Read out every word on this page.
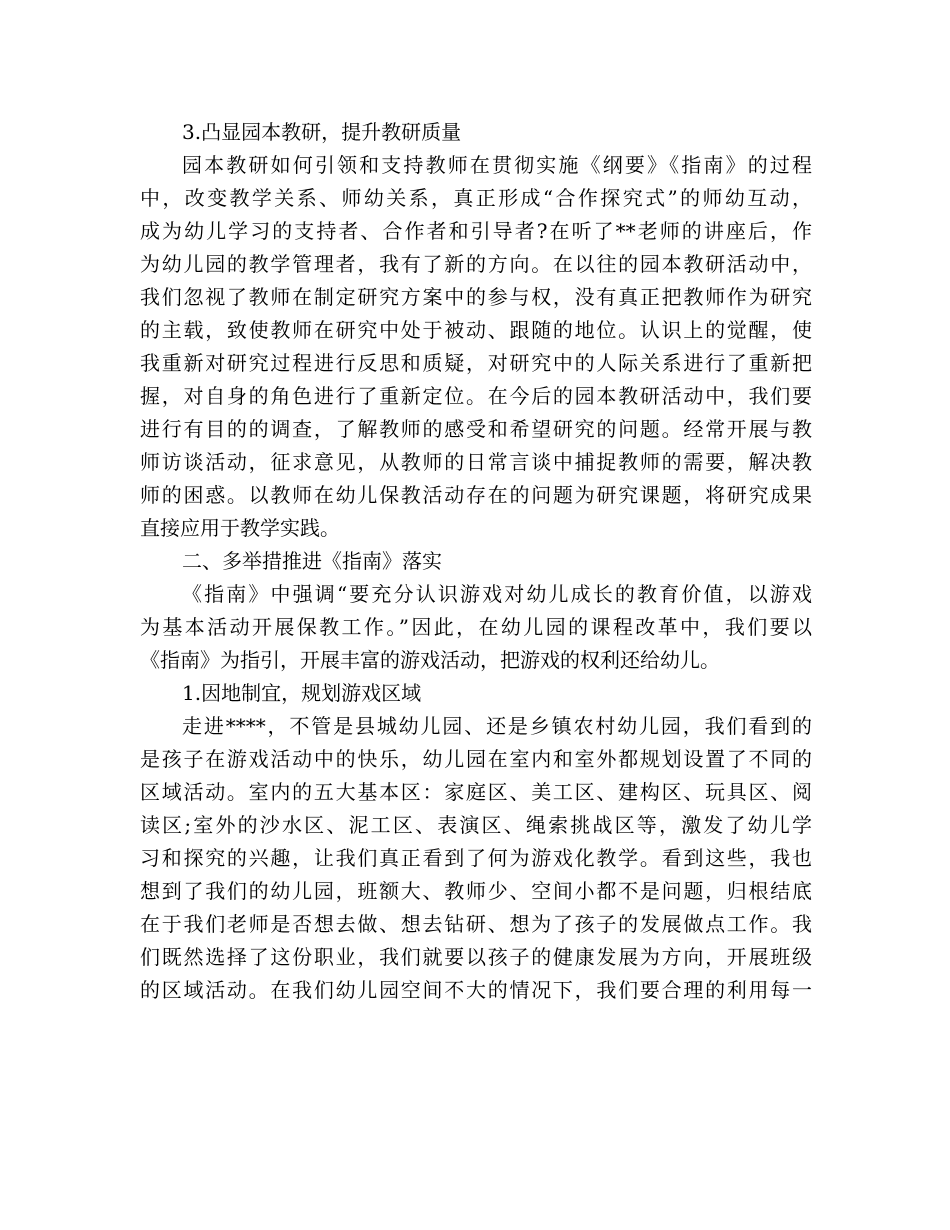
3.凸显园本教研，提升教研质量
园本教研如何引领和支持教师在贯彻实施《纲要》《指南》的过程
中，改变教学关系、师幼关系，真正形成“合作探究式”的师幼互动，
成为幼儿学习的支持者、合作者和引导者?在听了**老师的讲座后，作
为幼儿园的教学管理者，我有了新的方向。在以往的园本教研活动中，
我们忽视了教师在制定研究方案中的参与权，没有真正把教师作为研究
的主载，致使教师在研究中处于被动、跟随的地位。认识上的觉醒，使
我重新对研究过程进行反思和质疑，对研究中的人际关系进行了重新把
握，对自身的角色进行了重新定位。在今后的园本教研活动中，我们要
进行有目的的调查，了解教师的感受和希望研究的问题。经常开展与教
师访谈活动，征求意见，从教师的日常言谈中捕捉教师的需要，解决教
师的困惑。以教师在幼儿保教活动存在的问题为研究课题，将研究成果
直接应用于教学实践。
二、多举措推进《指南》落实
《指南》中强调“要充分认识游戏对幼儿成长的教育价值，以游戏
为基本活动开展保教工作。”因此，在幼儿园的课程改革中，我们要以
《指南》为指引，开展丰富的游戏活动，把游戏的权利还给幼儿。
1.因地制宜，规划游戏区域
走进****，不管是县城幼儿园、还是乡镇农村幼儿园，我们看到的
是孩子在游戏活动中的快乐，幼儿园在室内和室外都规划设置了不同的
区域活动。室内的五大基本区：家庭区、美工区、建构区、玩具区、阅
读区;室外的沙水区、泥工区、表演区、绳索挑战区等，激发了幼儿学
习和探究的兴趣，让我们真正看到了何为游戏化教学。看到这些，我也
想到了我们的幼儿园，班额大、教师少、空间小都不是问题，归根结底
在于我们老师是否想去做、想去钻研、想为了孩子的发展做点工作。我
们既然选择了这份职业，我们就要以孩子的健康发展为方向，开展班级
的区域活动。在我们幼儿园空间不大的情况下，我们要合理的利用每一
